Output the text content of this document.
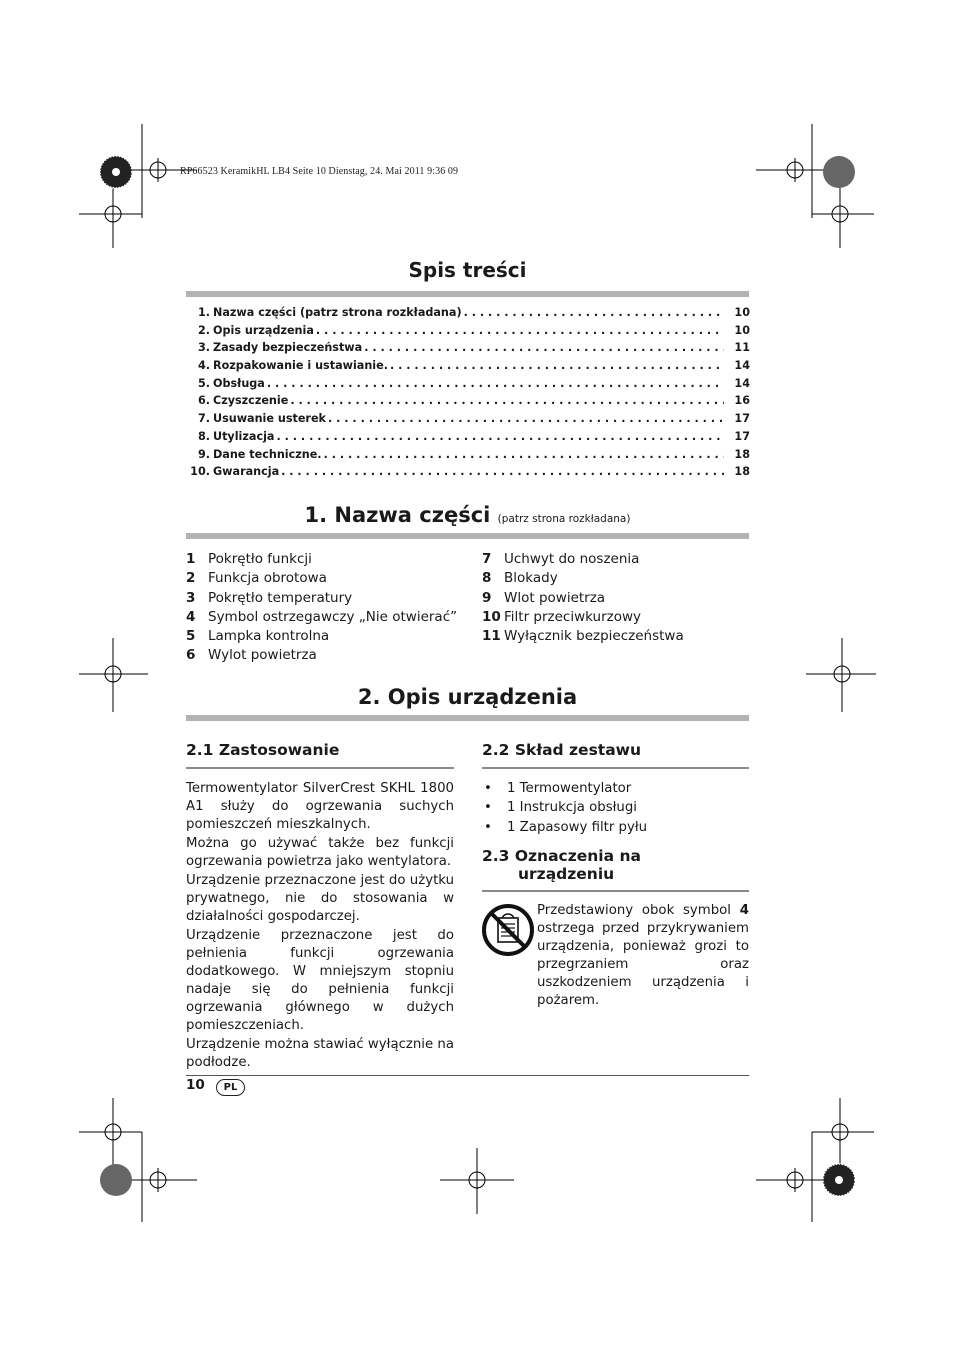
RP66523 KeramikHL LB4 Seite 10 Dienstag, 24. Mai 2011 9:36 09
Spis treści
1. Nazwa części (patrz strona rozkładana) . . .	10
2. Opis urządzenia . . .	10
3. Zasady bezpieczeństwa . . .	11
4. Rozpakowanie i ustawianie. . . .	14
5. Obsługa . . .	14
6. Czyszczenie . . .	16
7. Usuwanie usterek . . .	17
8. Utylizacja . . .	17
9. Dane techniczne. . . .	18
10. Gwarancja . . .	18
1. Nazwa części (patrz strona rozkładana)
1 Pokrętło funkcji
2 Funkcja obrotowa
3 Pokrętło temperatury
4 Symbol ostrzegawczy „Nie otwierać”
5 Lampka kontrolna
6 Wylot powietrza
7 Uchwyt do noszenia
8 Blokady
9 Wlot powietrza
10 Filtr przeciwkurzowy
11 Wyłącznik bezpieczeństwa
2. Opis urządzenia
2.1 Zastosowanie

Termowentylator SilverCrest SKHL 1800 A1 służy do ogrzewania suchych pomieszczeń mieszkalnych.

Można go używać także bez funkcji ogrzewania powietrza jako wentylatora.

Urządzenie przeznaczone jest do użytku prywatnego, nie do stosowania w działalności gospodarczej.

Urządzenie przeznaczone jest do pełnienia funkcji ogrzewania dodatkowego. W mniejszym stopniu nadaje się do pełnienia funkcji ogrzewania głównego w dużych pomieszczeniach.

Urządzenie można stawiać wyłącznie na podłodze.

2.2 Skład zestawu
• 1 Termowentylator
• 1 Instrukcja obsługi
• 1 Zapasowy filtr pyłu
2.3 Oznaczenia na
urządzeniu
Przedstawiony obok symbol 4 ostrzega przed przykrywaniem urządzenia, ponieważ grozi to przegrzaniem oraz uszkodzeniem urządzenia i pożarem.
10	PL
